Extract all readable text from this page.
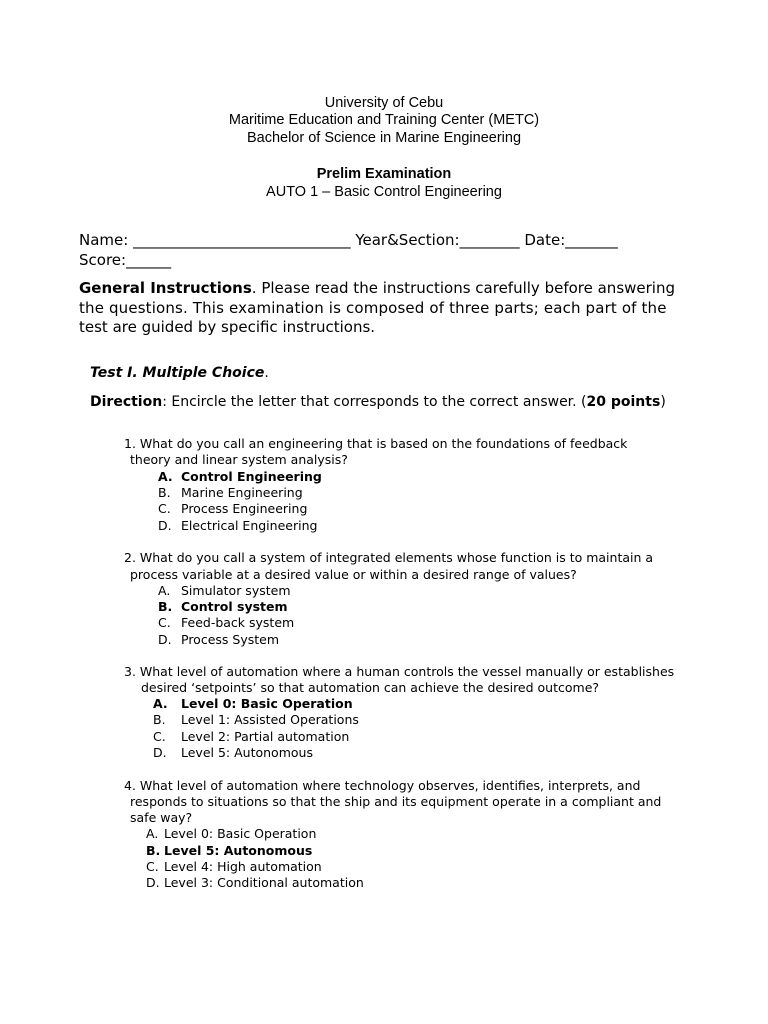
University of Cebu
Maritime Education and Training Center (METC)
Bachelor of Science in Marine Engineering
Prelim Examination
AUTO 1 – Basic Control Engineering
Name: _____________________________ Year&Section:________ Date:_______
Score:______
General Instructions. Please read the instructions carefully before answering
the questions. This examination is composed of three parts; each part of the
test are guided by specific instructions.
Test I. Multiple Choice.
Direction: Encircle the letter that corresponds to the correct answer. (20 points)
1. What do you call an engineering that is based on the foundations of feedback
theory and linear system analysis?
A. Control Engineering
B. Marine Engineering
C. Process Engineering
D. Electrical Engineering
2. What do you call a system of integrated elements whose function is to maintain a
process variable at a desired value or within a desired range of values?
A. Simulator system
B. Control system
C. Feed-back system
D. Process System
3. What level of automation where a human controls the vessel manually or establishes
desired ‘setpoints’ so that automation can achieve the desired outcome?
A. Level 0: Basic Operation
B. Level 1: Assisted Operations
C. Level 2: Partial automation
D. Level 5: Autonomous
4. What level of automation where technology observes, identifies, interprets, and
responds to situations so that the ship and its equipment operate in a compliant and
safe way?
A. Level 0: Basic Operation
B. Level 5: Autonomous
C. Level 4: High automation
D. Level 3: Conditional automation
